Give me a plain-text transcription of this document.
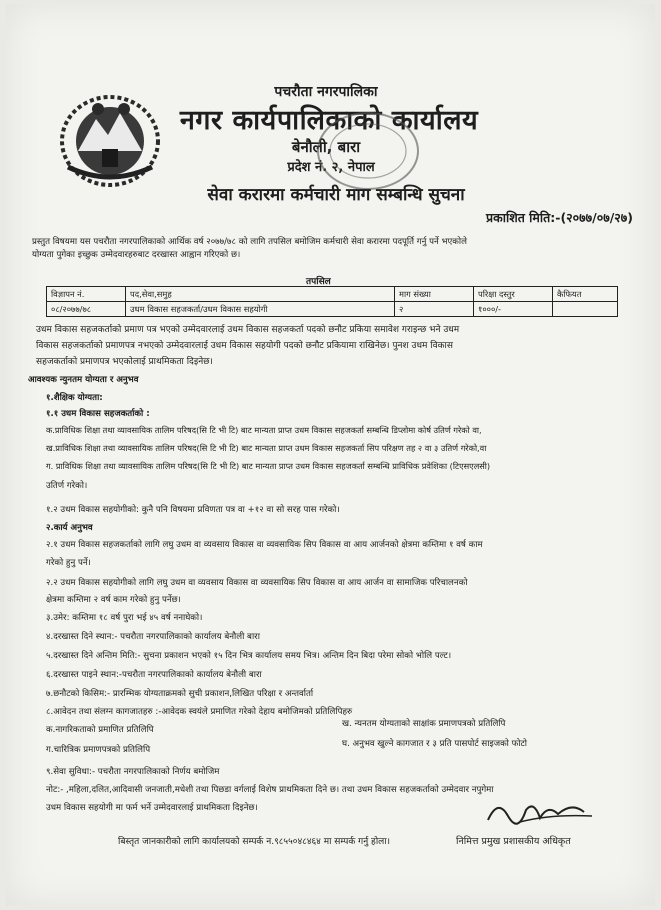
पचरौता नगरपालिका
नगर कार्यपालिकाको कार्यालय
बेनौली, बारा
प्रदेश नं. २, नेपाल
सेवा करारमा कर्मचारी माग सम्बन्धि सुचना
प्रकाशित मिति:-(२०७७/०७/२७)
प्रस्तुत विषयमा यस पचरौता नगरपालिकाको आर्थिक वर्ष २०७७/७८ को लागि तपसिल बमोजिम कर्मचारी सेवा करारमा पदपूर्ति गर्नु पर्ने भएकोले
योग्यता पुगेका इच्छुक उम्मेदवारहरुबाट दरखास्त आह्वान गरिएको छ।
तपसिल
विज्ञापन नं.	पद,सेवा,समुह	माग संख्या	परिक्षा दस्तुर	कैफियत
०८/२०७७/७८	उधम विकास सहजकर्ता/उधम विकास सहयोगी	२	१०००/-	
उधम विकास सहजकर्ताको प्रमाण पत्र भएको उम्मेदवारलाई उधम विकास सहजकर्ता पदको छनौट प्रकिया समावेश गराइन्छ भने उधम
विकास सहजकर्ताको प्रमाणपत्र नभएको उम्मेदवारलाई उधम विकास सहयोगी पदको छनौट प्रकियामा राखिनेछ। पुनश उधम विकास
सहजकर्ताको प्रमाणपत्र भएकोलाई प्राथमिकता दिइनेछ।
आवश्यक न्युनतम योग्यता र अनुभव
१.शैक्षिक योग्यता:
१.१ उधम विकास सहजकर्ताको :
क.प्राविधिक शिक्षा तथा व्यावसायिक तालिम परिषद(सि टि भी टि) बाट मान्यता प्राप्त उधम विकास सहजकर्ता सम्बन्धि डिप्लोमा कोर्ष उतिर्ण गरेको वा,
ख.प्राविधिक शिक्षा तथा व्यावसायिक तालिम परिषद(सि टि भी टि) बाट मान्यता प्राप्त उधम विकास सहजकर्ता सिप परिक्षण तह २ वा ३ उतिर्ण गरेको,वा
ग. प्राविधिक शिक्षा तथा व्यावसायिक तालिम परिषद(सि टि भी टि) बाट मान्यता प्राप्त उधम विकास सहजकर्ता सम्बन्धि प्राविधिक प्रवेशिका (टिएसएलसी)
उतिर्ण गरेको।
१.२ उधम विकास सहयोगीको: कुनै पनि विषयमा प्रविणता पत्र वा +१२ वा सो सरह पास गरेको।
२.कार्य अनुभव
२.१ उधम विकास सहजकर्ताको लागि लघु उधम वा व्यवसाय विकास वा व्यवसायिक सिप विकास वा आय आर्जनको क्षेत्रमा कम्तिमा १ वर्ष काम
गरेको हुनु पर्ने।
२.२ उधम विकास सहयोगीको लागि लघु उधम वा व्यवसाय विकास वा व्यवसायिक सिप विकास वा आय आर्जन वा सामाजिक परिचालनको
क्षेत्रमा कम्तिमा २ वर्ष काम गरेको हुनु पर्नेछ।
३.उमेर: कम्तिमा १८ वर्ष पुरा भई ४५ वर्ष ननाघेको।
४.दरखास्त दिने स्थान:- पचरौता नगरपालिकाको कार्यालय बेनौली बारा
५.दरखास्त दिने अन्तिम मिति:- सुचना प्रकाशन भएको १५ दिन भित्र कार्यालय समय भित्र। अन्तिम दिन बिदा परेमा सोको भोलि पल्ट।
६.दरखास्त पाइने स्थान:-पचरौता नगरपालिकाको कार्यालय बेनौली बारा
७.छनौटको किसिम:- प्रारम्भिक योग्यताक्रमको सुची प्रकाशन,लिखित परिक्षा र अन्तर्वार्ता
८.आवेदन तथा संलग्न कागजातहरु :-आवेदक स्वयंले प्रमाणित गरेको देहाय बमोजिमको प्रतिलिपिहरु
क.नागरिकताको प्रमाणित प्रतिलिपि
ख. न्यनतम योग्यताको साक्षांक प्रमाणपत्रको प्रतिलिपि
ग.चारित्रिक प्रमाणपत्रको प्रतिलिपि
घ. अनुभव खुल्ने कागजात र ३ प्रति पासपोर्ट साइजको फोटो
९.सेवा सुविधा:- पचरौता नगरपालिकाको निर्णय बमोजिम
नोट:- ,महिला,दलित,आदिवासी जनजाती,मधेशी तथा पिछडा वर्गलाई विशेष प्राथमिकता दिने छ। तथा उधम विकास सहजकर्ताको उम्मेदवार नपुगेमा
उधम विकास सहयोगी मा फर्म भर्ने उम्मेदवारलाई प्राथमिकता दिइनेछ।
बिस्तृत जानकारीको लागि कार्यालयको सम्पर्क न.९८५५०४८४६४ मा सम्पर्क गर्नु होला।	निमित्त प्रमुख प्रशासकीय अधिकृत
